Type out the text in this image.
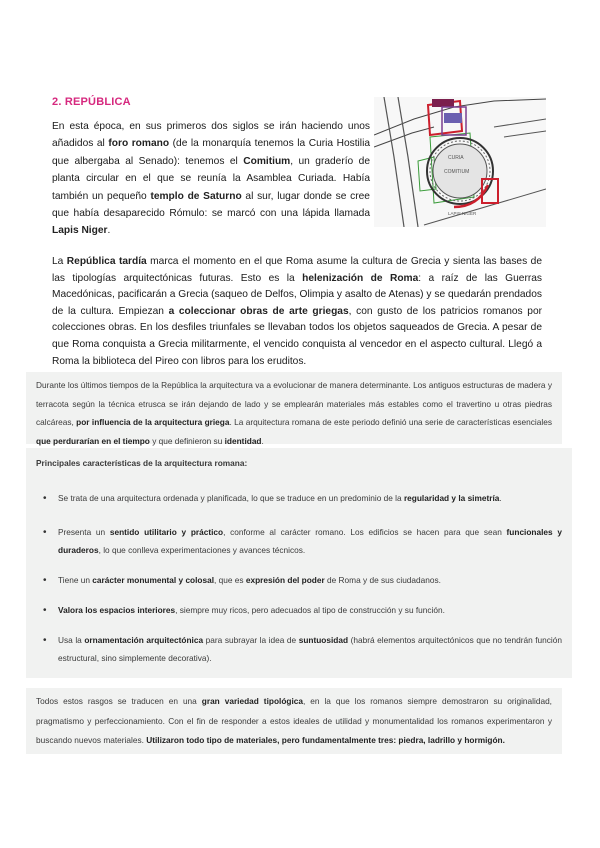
2. REPÚBLICA
En esta época, en sus primeros dos siglos se irán haciendo unos añadidos al foro romano (de la monarquía tenemos la Curia Hostilia que albergaba al Senado): tenemos el Comitium, un graderío de planta circular en el que se reunía la Asamblea Curiada. Había también un pequeño templo de Saturno al sur, lugar donde se cree que había desaparecido Rómulo: se marcó con una lápida llamada Lapis Niger.
CURIA
COMITIUM
LAPIS NIGER
La República tardía marca el momento en el que Roma asume la cultura de Grecia y sienta las bases de las tipologías arquitectónicas futuras. Esto es la helenización de Roma: a raíz de las Guerras Macedónicas, pacificarán a Grecia (saqueo de Delfos, Olimpia y asalto de Atenas) y se quedarán prendados de la cultura. Empiezan a coleccionar obras de arte griegas, con gusto de los patricios romanos por colecciones obras. En los desfiles triunfales se llevaban todos los objetos saqueados de Grecia. A pesar de que Roma conquista a Grecia militarmente, el vencido conquista al vencedor en el aspecto cultural. Llegó a Roma la biblioteca del Pireo con libros para los eruditos.
Durante los últimos tiempos de la República la arquitectura va a evolucionar de manera determinante. Los antiguos estructuras de madera y terracota según la técnica etrusca se irán dejando de lado y se emplearán materiales más estables como el travertino u otras piedras calcáreas, por influencia de la arquitectura griega. La arquitectura romana de este periodo definió una serie de características esenciales que perdurarían en el tiempo y que definieron su identidad.
Principales características de la arquitectura romana:
• Se trata de una arquitectura ordenada y planificada, lo que se traduce en un predominio de la regularidad y la simetría.
• Presenta un sentido utilitario y práctico, conforme al carácter romano. Los edificios se hacen para que sean funcionales y duraderos, lo que conlleva experimentaciones y avances técnicos.
• Tiene un carácter monumental y colosal, que es expresión del poder de Roma y de sus ciudadanos.
• Valora los espacios interiores, siempre muy ricos, pero adecuados al tipo de construcción y su función.
• Usa la ornamentación arquitectónica para subrayar la idea de suntuosidad (habrá elementos arquitectónicos que no tendrán función estructural, sino simplemente decorativa).
Todos estos rasgos se traducen en una gran variedad tipológica, en la que los romanos siempre demostraron su originalidad, pragmatismo y perfeccionamiento. Con el fin de responder a estos ideales de utilidad y monumentalidad los romanos experimentaron y buscando nuevos materiales. Utilizaron todo tipo de materiales, pero fundamentalmente tres: piedra, ladrillo y hormigón.
